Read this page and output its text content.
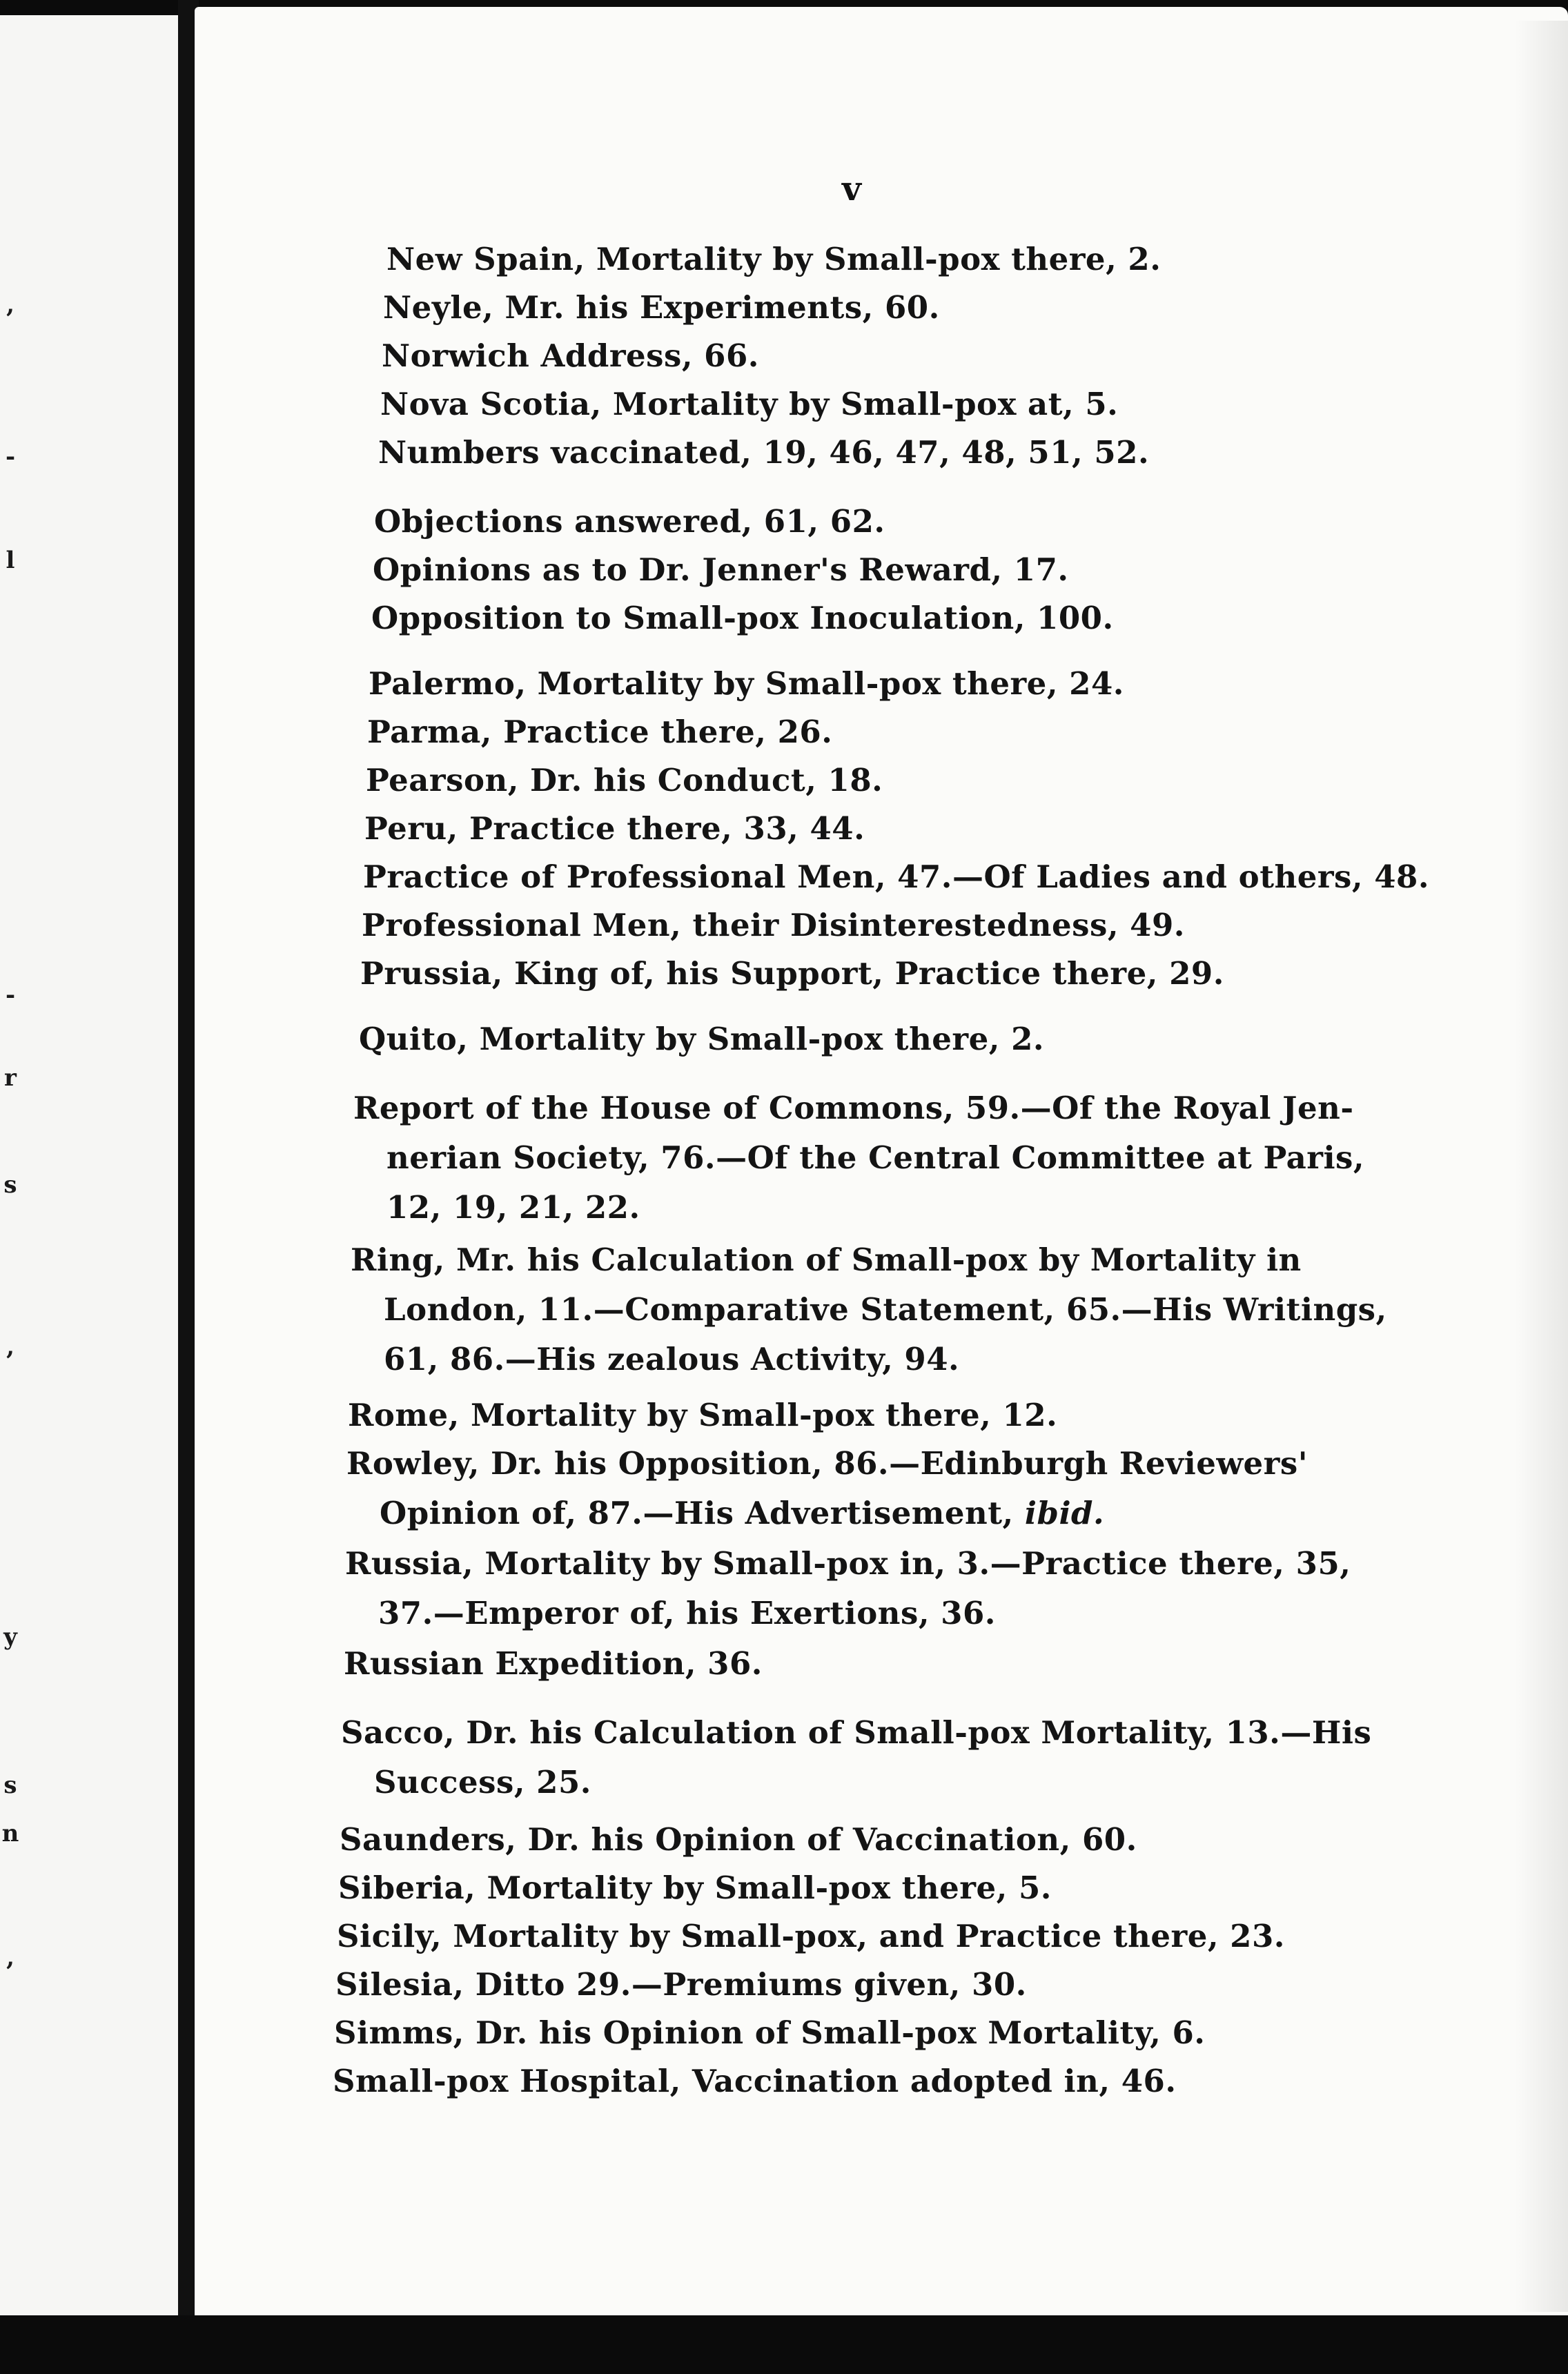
,
-
l
-
r
s
,
y
s
n
,
v
New Spain, Mortality by Small-pox there, 2.
Neyle, Mr. his Experiments, 60.
Norwich Address, 66.
Nova Scotia, Mortality by Small-pox at, 5.
Numbers vaccinated, 19, 46, 47, 48, 51, 52.
Objections answered, 61, 62.
Opinions as to Dr. Jenner's Reward, 17.
Opposition to Small-pox Inoculation, 100.
Palermo, Mortality by Small-pox there, 24.
Parma, Practice there, 26.
Pearson, Dr. his Conduct, 18.
Peru, Practice there, 33, 44.
Practice of Professional Men, 47.—Of Ladies and others, 48.
Professional Men, their Disinterestedness, 49.
Prussia, King of, his Support, Practice there, 29.
Quito, Mortality by Small-pox there, 2.
Report of the House of Commons, 59.—Of the Royal Jen-
nerian Society, 76.—Of the Central Committee at Paris,
12, 19, 21, 22.
Ring, Mr. his Calculation of Small-pox by Mortality in
London, 11.—Comparative Statement, 65.—His Writings,
61, 86.—His zealous Activity, 94.
Rome, Mortality by Small-pox there, 12.
Rowley, Dr. his Opposition, 86.—Edinburgh Reviewers'
Opinion of, 87.—His Advertisement, ibid.
Russia, Mortality by Small-pox in, 3.—Practice there, 35,
37.—Emperor of, his Exertions, 36.
Russian Expedition, 36.
Sacco, Dr. his Calculation of Small-pox Mortality, 13.—His
Success, 25.
Saunders, Dr. his Opinion of Vaccination, 60.
Siberia, Mortality by Small-pox there, 5.
Sicily, Mortality by Small-pox, and Practice there, 23.
Silesia, Ditto 29.—Premiums given, 30.
Simms, Dr. his Opinion of Small-pox Mortality, 6.
Small-pox Hospital, Vaccination adopted in, 46.
